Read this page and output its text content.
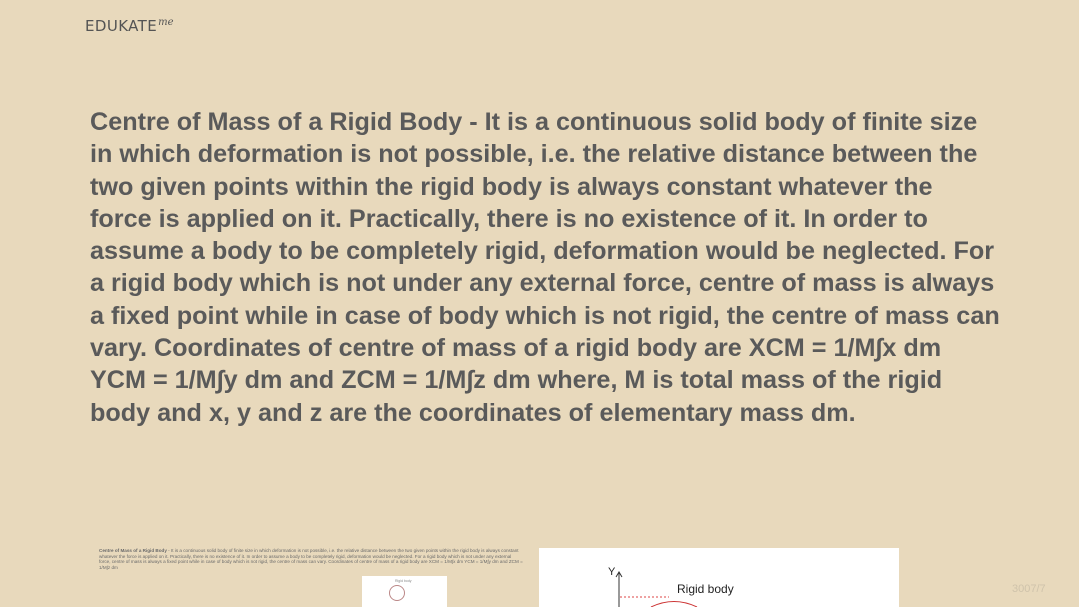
$EDUKATE^{me}$

Centre of Mass of a Rigid Body - It is a continuous solid body of finite size in which deformation is not possible, i.e. the relative distance between the two given points within the rigid body is always constant whatever the force is applied on it. Practically, there is no existence of it. In order to assume a body to be completely rigid, deformation would be neglected. For a rigid body which is not under any external force, centre of mass is always a fixed point while in case of body which is not rigid, the centre of mass can vary. Coordinates of centre of mass of a rigid body are XCM = 1/M∫x dm YCM = 1/M∫y dm and ZCM = 1/M∫z dm where, M is total mass of the rigid body and x, y and z are the coordinates of elementary mass dm.

Centre of Mass of a Rigid Body - It is a continuous solid body of finite size in which deformation is not possible, i.e. the relative distance between the two given points within the rigid body is always constant whatever the force is applied on it. Practically, there is no existence of it. In order to assume a body to be completely rigid, deformation would be neglected. For a rigid body which is not under any external force, centre of mass is always a fixed point while in case of body which is not rigid, the centre of mass can vary. Coordinates of centre of mass of a rigid body are XCM = 1/M∫x dm YCM = 1/M∫y dm and ZCM = 1/M∫z dm

Rigid body
Y
Rigid body	3007/7
